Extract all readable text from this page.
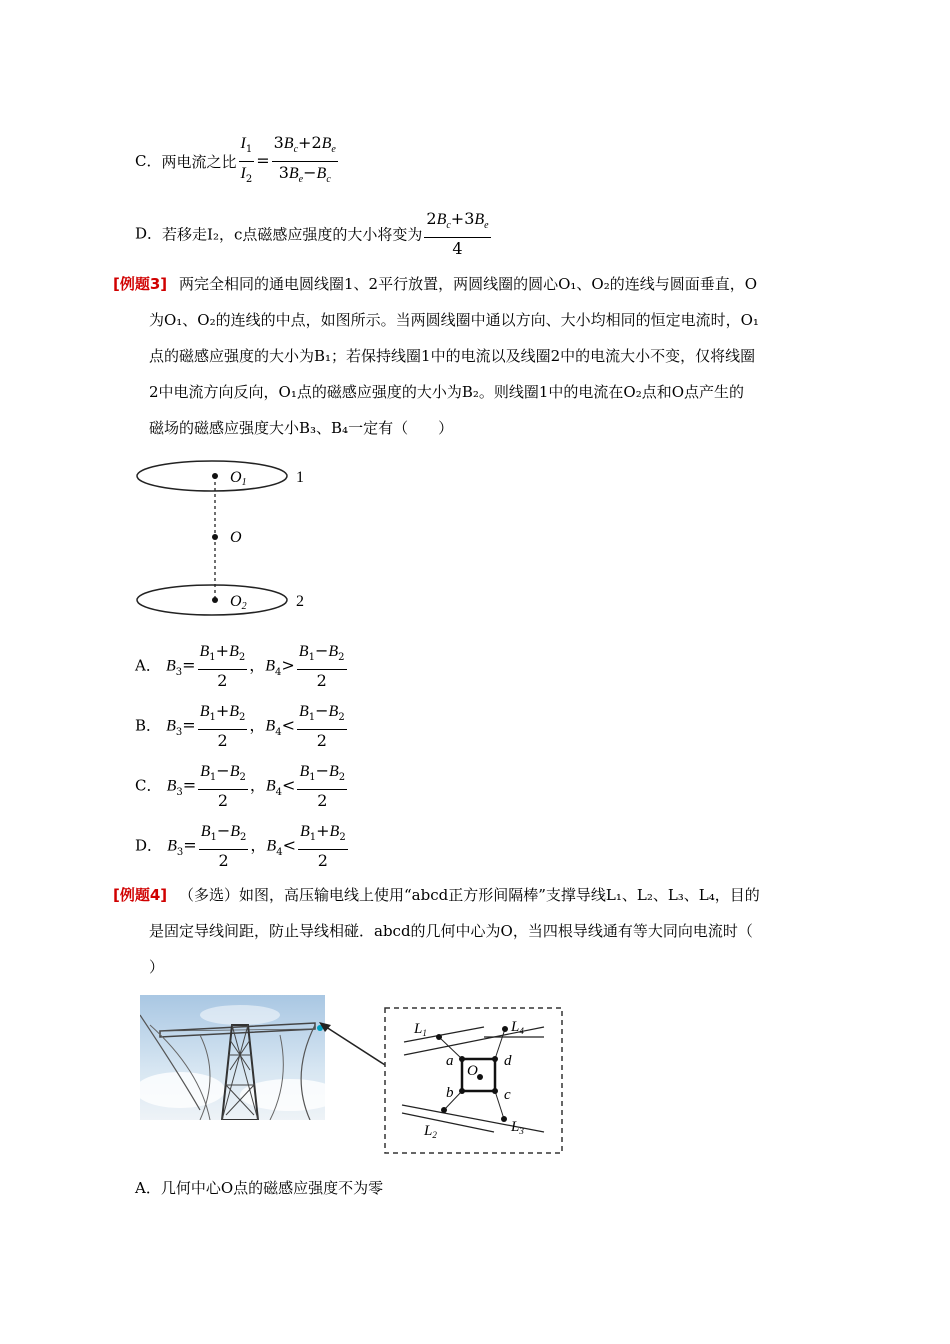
C．两电流之比 $\frac{I_1}{I_2} = \frac{3B_c+2B_e}{3B_e-B_c}$
D．若移走I₂，c点磁感应强度的大小将变为 $\frac{2B_c+3B_e}{4}$
[例题3] 两完全相同的通电圆线圈1、2平行放置，两圆线圈的圆心O₁、O₂的连线与圆面垂直，O
为O₁、O₂的连线的中点，如图所示。当两圆线圈中通以方向、大小均相同的恒定电流时，O₁
点的磁感应强度的大小为B₁；若保持线圈1中的电流以及线圈2中的电流大小不变，仅将线圈
2中电流方向反向，O₁点的磁感应强度的大小为B₂。则线圈1中的电流在O₂点和O点产生的
磁场的磁感应强度大小B₃、B₄一定有（　　）
O1
O
O2
1
2
A． $B_3= \frac{B_1+B_2}{2}$ ，$B_4> \frac{B_1-B_2}{2}$
B． $B_3= \frac{B_1+B_2}{2}$ ，$B_4< \frac{B_1-B_2}{2}$
C． $B_3= \frac{B_1-B_2}{2}$ ，$B_4< \frac{B_1-B_2}{2}$
D． $B_3= \frac{B_1-B_2}{2}$ ，$B_4< \frac{B_1+B_2}{2}$
[例题4] （多选）如图，高压输电线上使用“abcd正方形间隔棒”支撑导线L₁、L₂、L₃、L₄，目的
是固定导线间距，防止导线相碰．abcd的几何中心为O，当四根导线通有等大同向电流时（
）
$L_1$	$L_4$
$L_2$	$L_3$
a	d
b	c
O
A．几何中心O点的磁感应强度不为零
